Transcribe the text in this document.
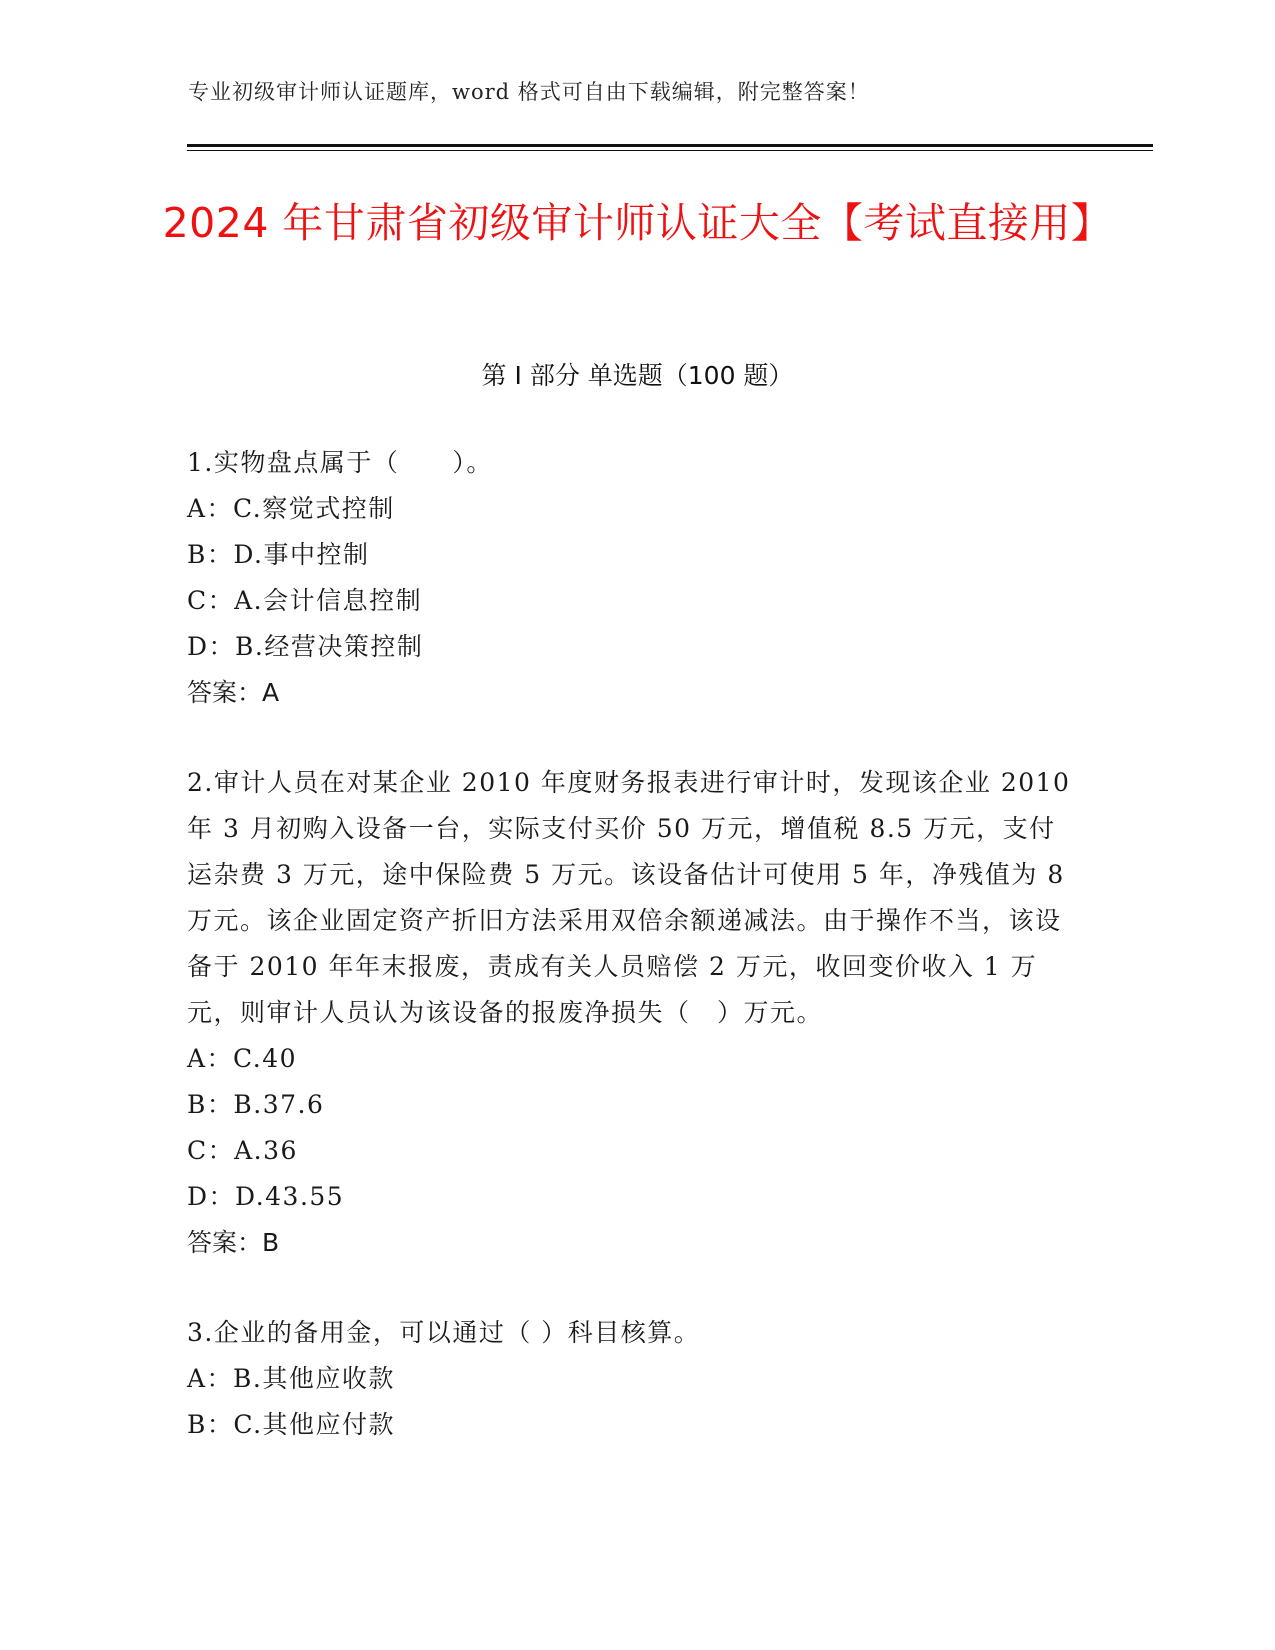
专业初级审计师认证题库，word 格式可自由下载编辑，附完整答案！
2024 年甘肃省初级审计师认证大全【考试直接用】
第 I 部分 单选题（100 题）

1.实物盘点属于（　　）。

A：C.察觉式控制

B：D.事中控制

C：A.会计信息控制

D：B.经营决策控制

答案：A

2.审计人员在对某企业 2010 年度财务报表进行审计时，发现该企业 2010 年 3 月初购入设备一台，实际支付买价 50 万元，增值税 8.5 万元，支付运杂费 3 万元，途中保险费 5 万元。该设备估计可使用 5 年，净残值为 8 万元。该企业固定资产折旧方法采用双倍余额递减法。由于操作不当，该设备于 2010 年年末报废，责成有关人员赔偿 2 万元，收回变价收入 1 万元，则审计人员认为该设备的报废净损失（　）万元。

A：C.40

B：B.37.6

C：A.36

D：D.43.55

答案：B

3.企业的备用金，可以通过（ ）科目核算。

A：B.其他应收款

B：C.其他应付款
